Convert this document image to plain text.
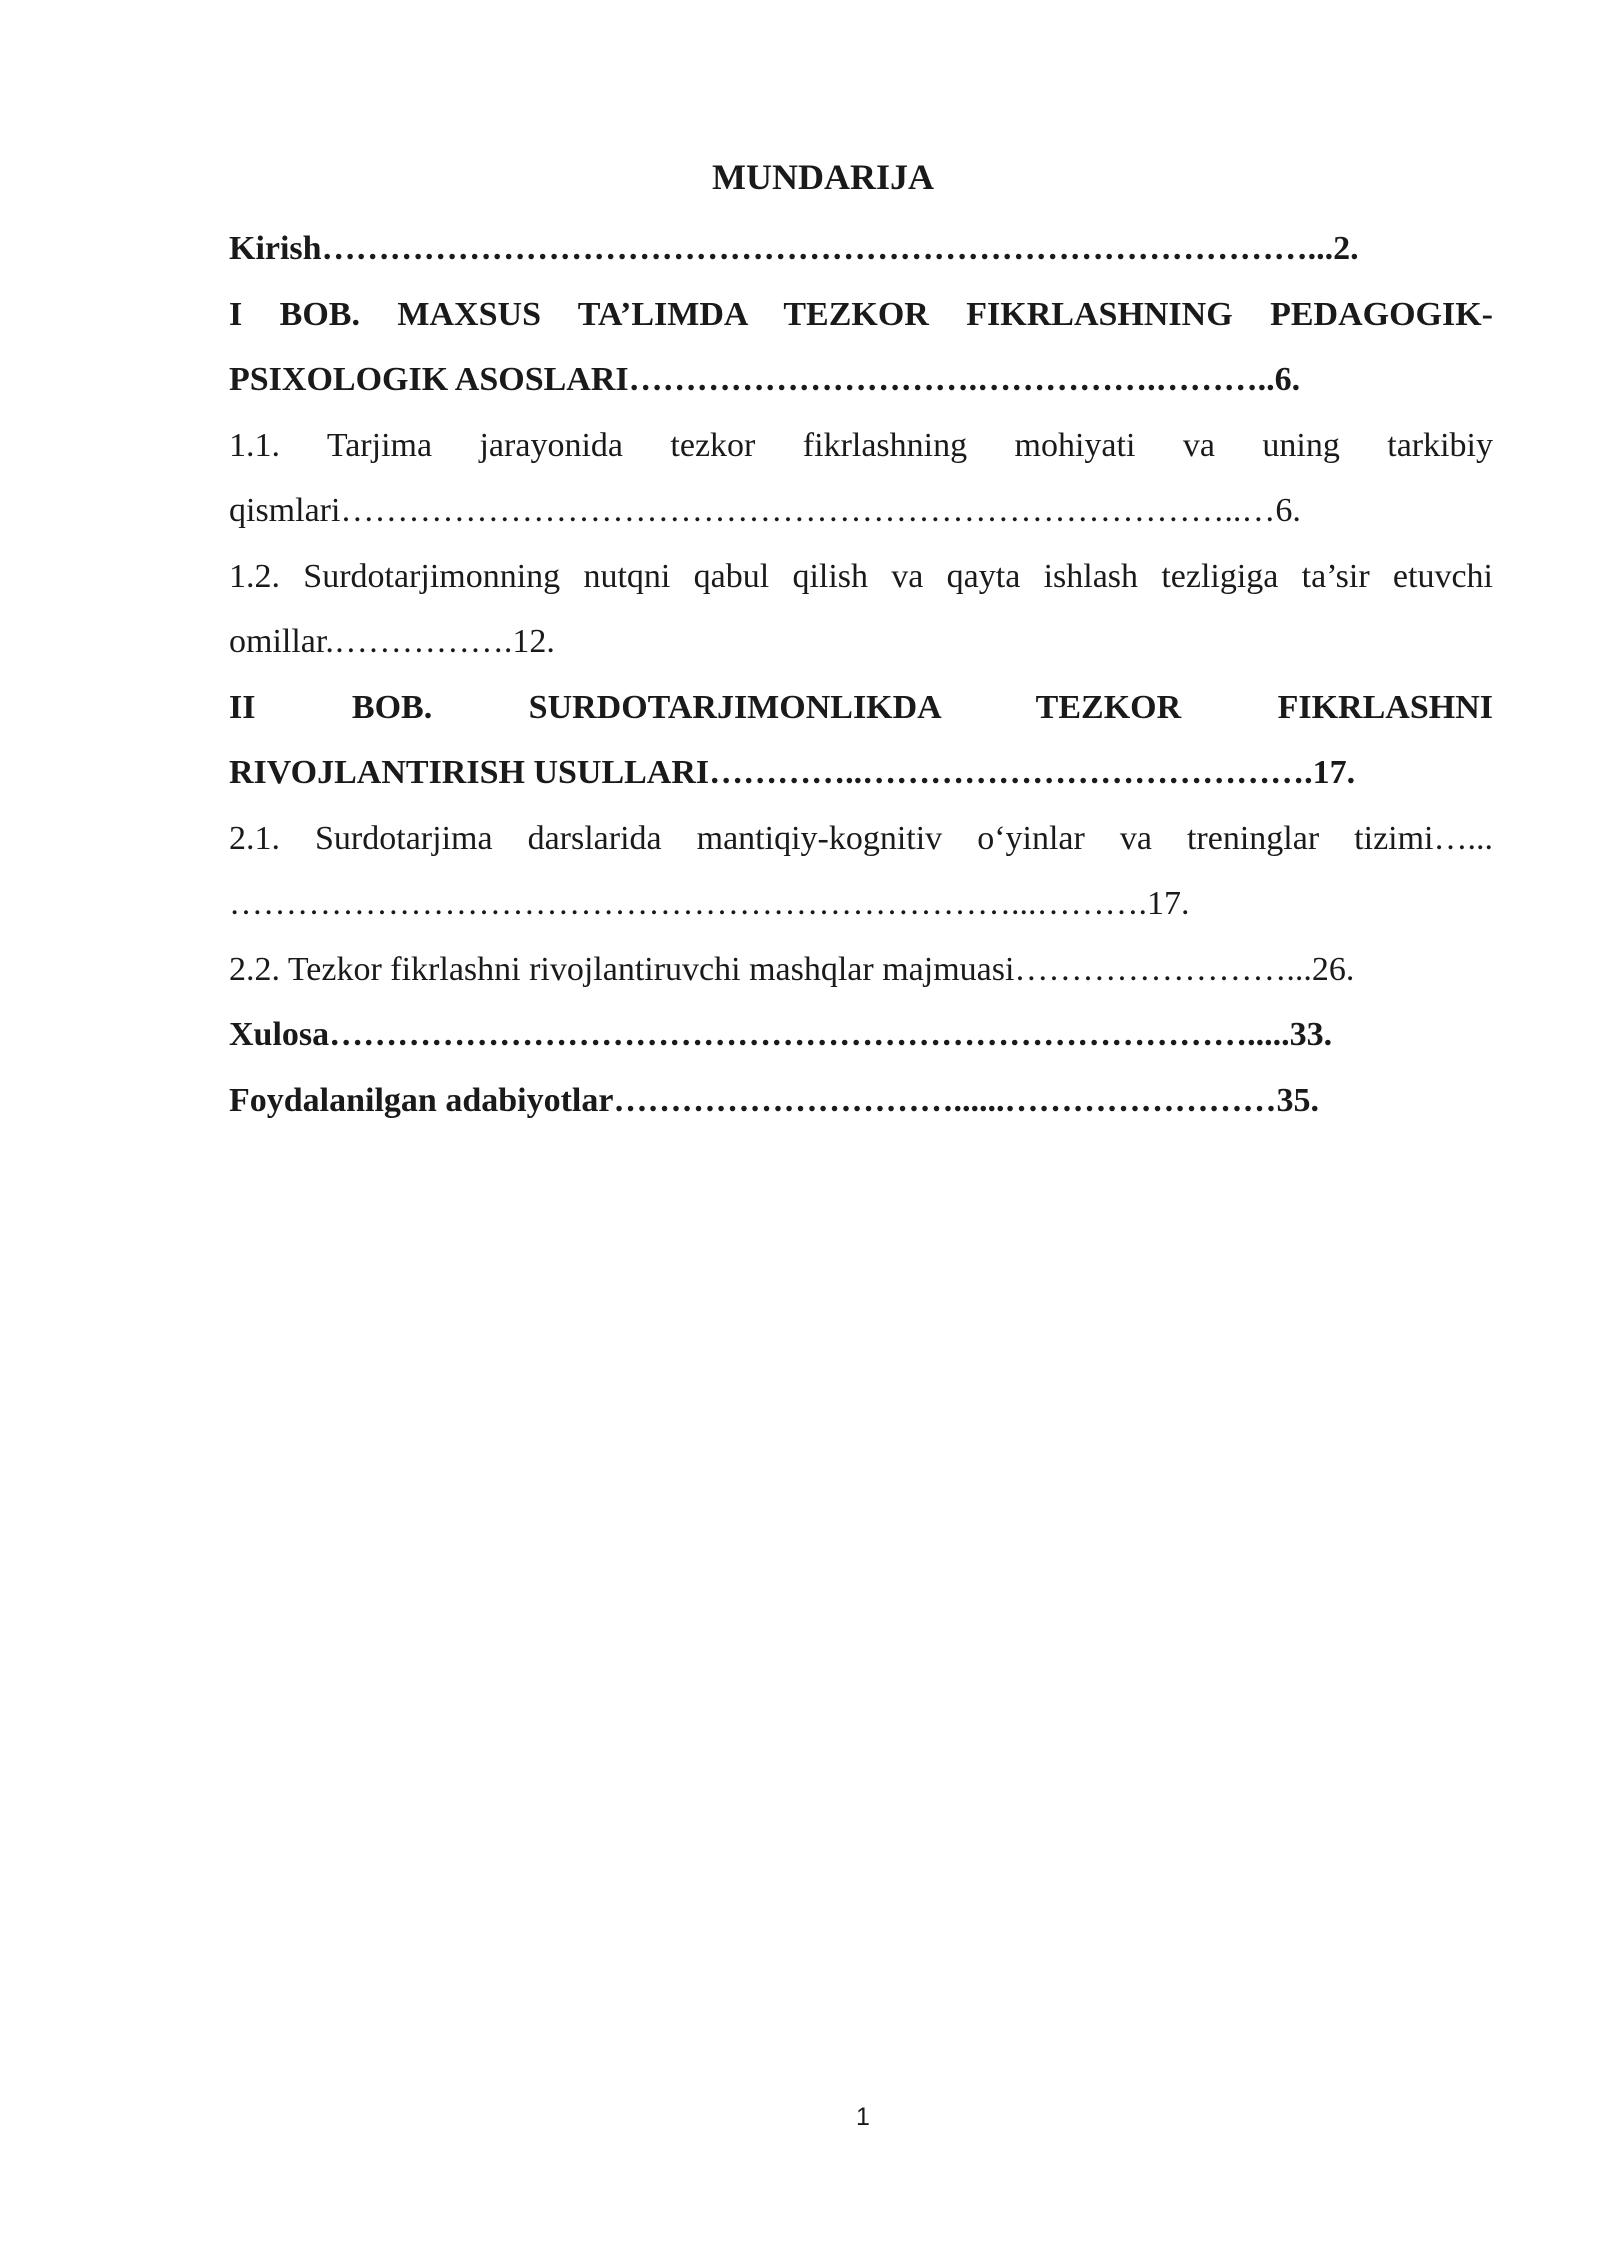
MUNDARIJA
Kirish……………………………………………………………………………...2.
I BOB. MAXSUS TA’LIMDA TEZKOR FIKRLASHNING PEDAGOGIK-
PSIXOLOGIK ASOSLARI………………………….…………….………..6.
1.1. Tarjima jarayonida tezkor fikrlashning mohiyati va uning tarkibiy
qismlari……………………………………………………………………..…6.
1.2. Surdotarjimonning nutqni qabul qilish va qayta ishlash tezligiga ta’sir etuvchi
omillar.…………….12.
II BOB. SURDOTARJIMONLIKDA TEZKOR FIKRLASHNI
RIVOJLANTIRISH USULLARI…………..………………………………….17.
2.1. Surdotarjima darslarida mantiqiy-kognitiv o‘yinlar va treninglar tizimi…...
……………………………………………………………...……….17.
2.2. Tezkor fikrlashni rivojlantiruvchi mashqlar majmuasi……………………...26.
Xulosa……………………………………………………………………….....33.
Foydalanilgan adabiyotlar…………………………......……………………35.
1
